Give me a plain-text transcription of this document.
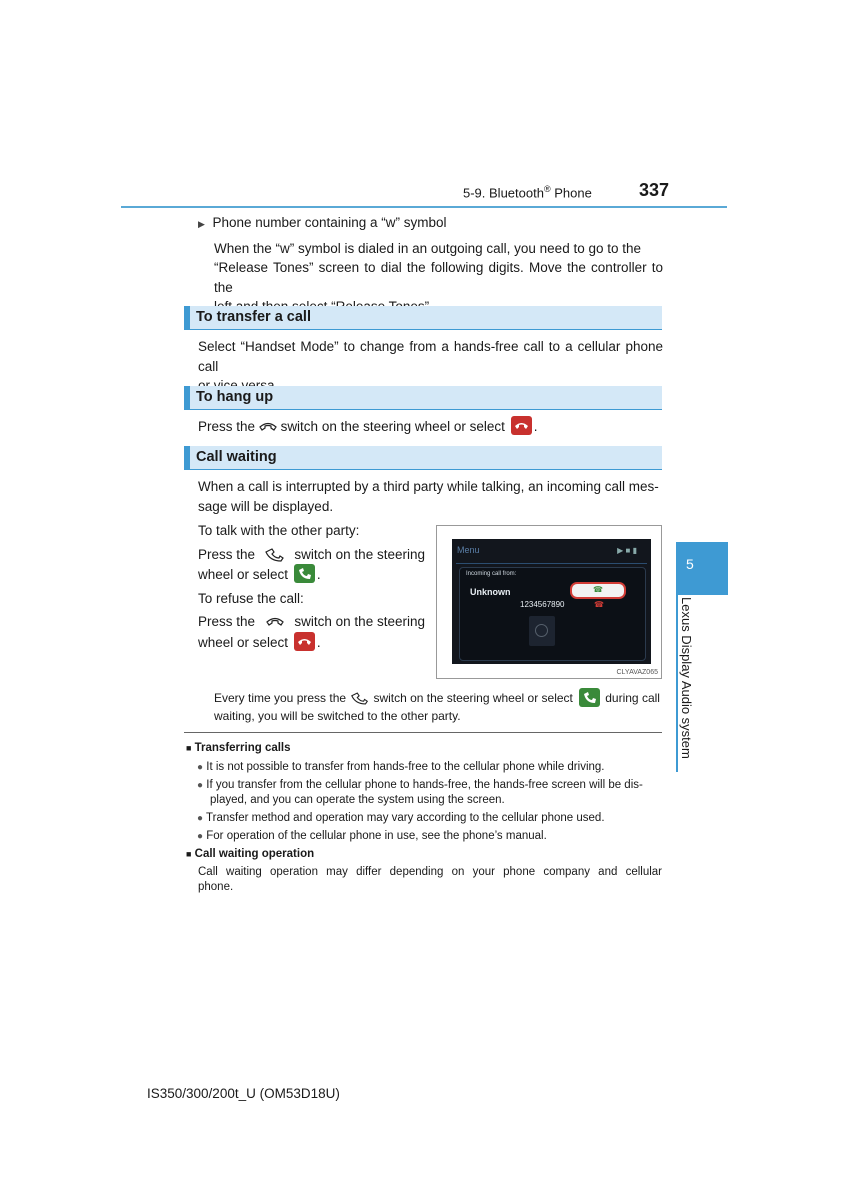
5-9. Bluetooth® Phone	337
▶ Phone number containing a “w” symbol
When the “w” symbol is dialed in an outgoing call, you need to go to the
“Release Tones” screen to dial the following digits. Move the controller to the
To transfer a call
Select “Handset Mode” to change from a hands-free call to a cellular phone call
To hang up
Press the switch on the steering wheel or select .
Call waiting
When a call is interrupted by a third party while talking, an incoming call mes-
sage will be displayed.
To talk with the other party:
Press the	switch on the steering
wheel or select .
To refuse the call:
Press the	switch on the steering
wheel or select .
Menu	▶ ■ ▮
Incoming call from:
Unknown
1234567890
☎
☎
CLYAVAZ065
Every time you press the switch on the steering wheel or select	during call
waiting, you will be switched to the other party.
■ Transferring calls
● It is not possible to transfer from hands-free to the cellular phone while driving.
● If you transfer from the cellular phone to hands-free, the hands-free screen will be dis-
played, and you can operate the system using the screen.
● Transfer method and operation may vary according to the cellular phone used.
● For operation of the cellular phone in use, see the phone’s manual.
■ Call waiting operation
Call waiting operation may differ depending on your phone company and cellular
phone.
5
Lexus Display Audio system
IS350/300/200t_U (OM53D18U)
